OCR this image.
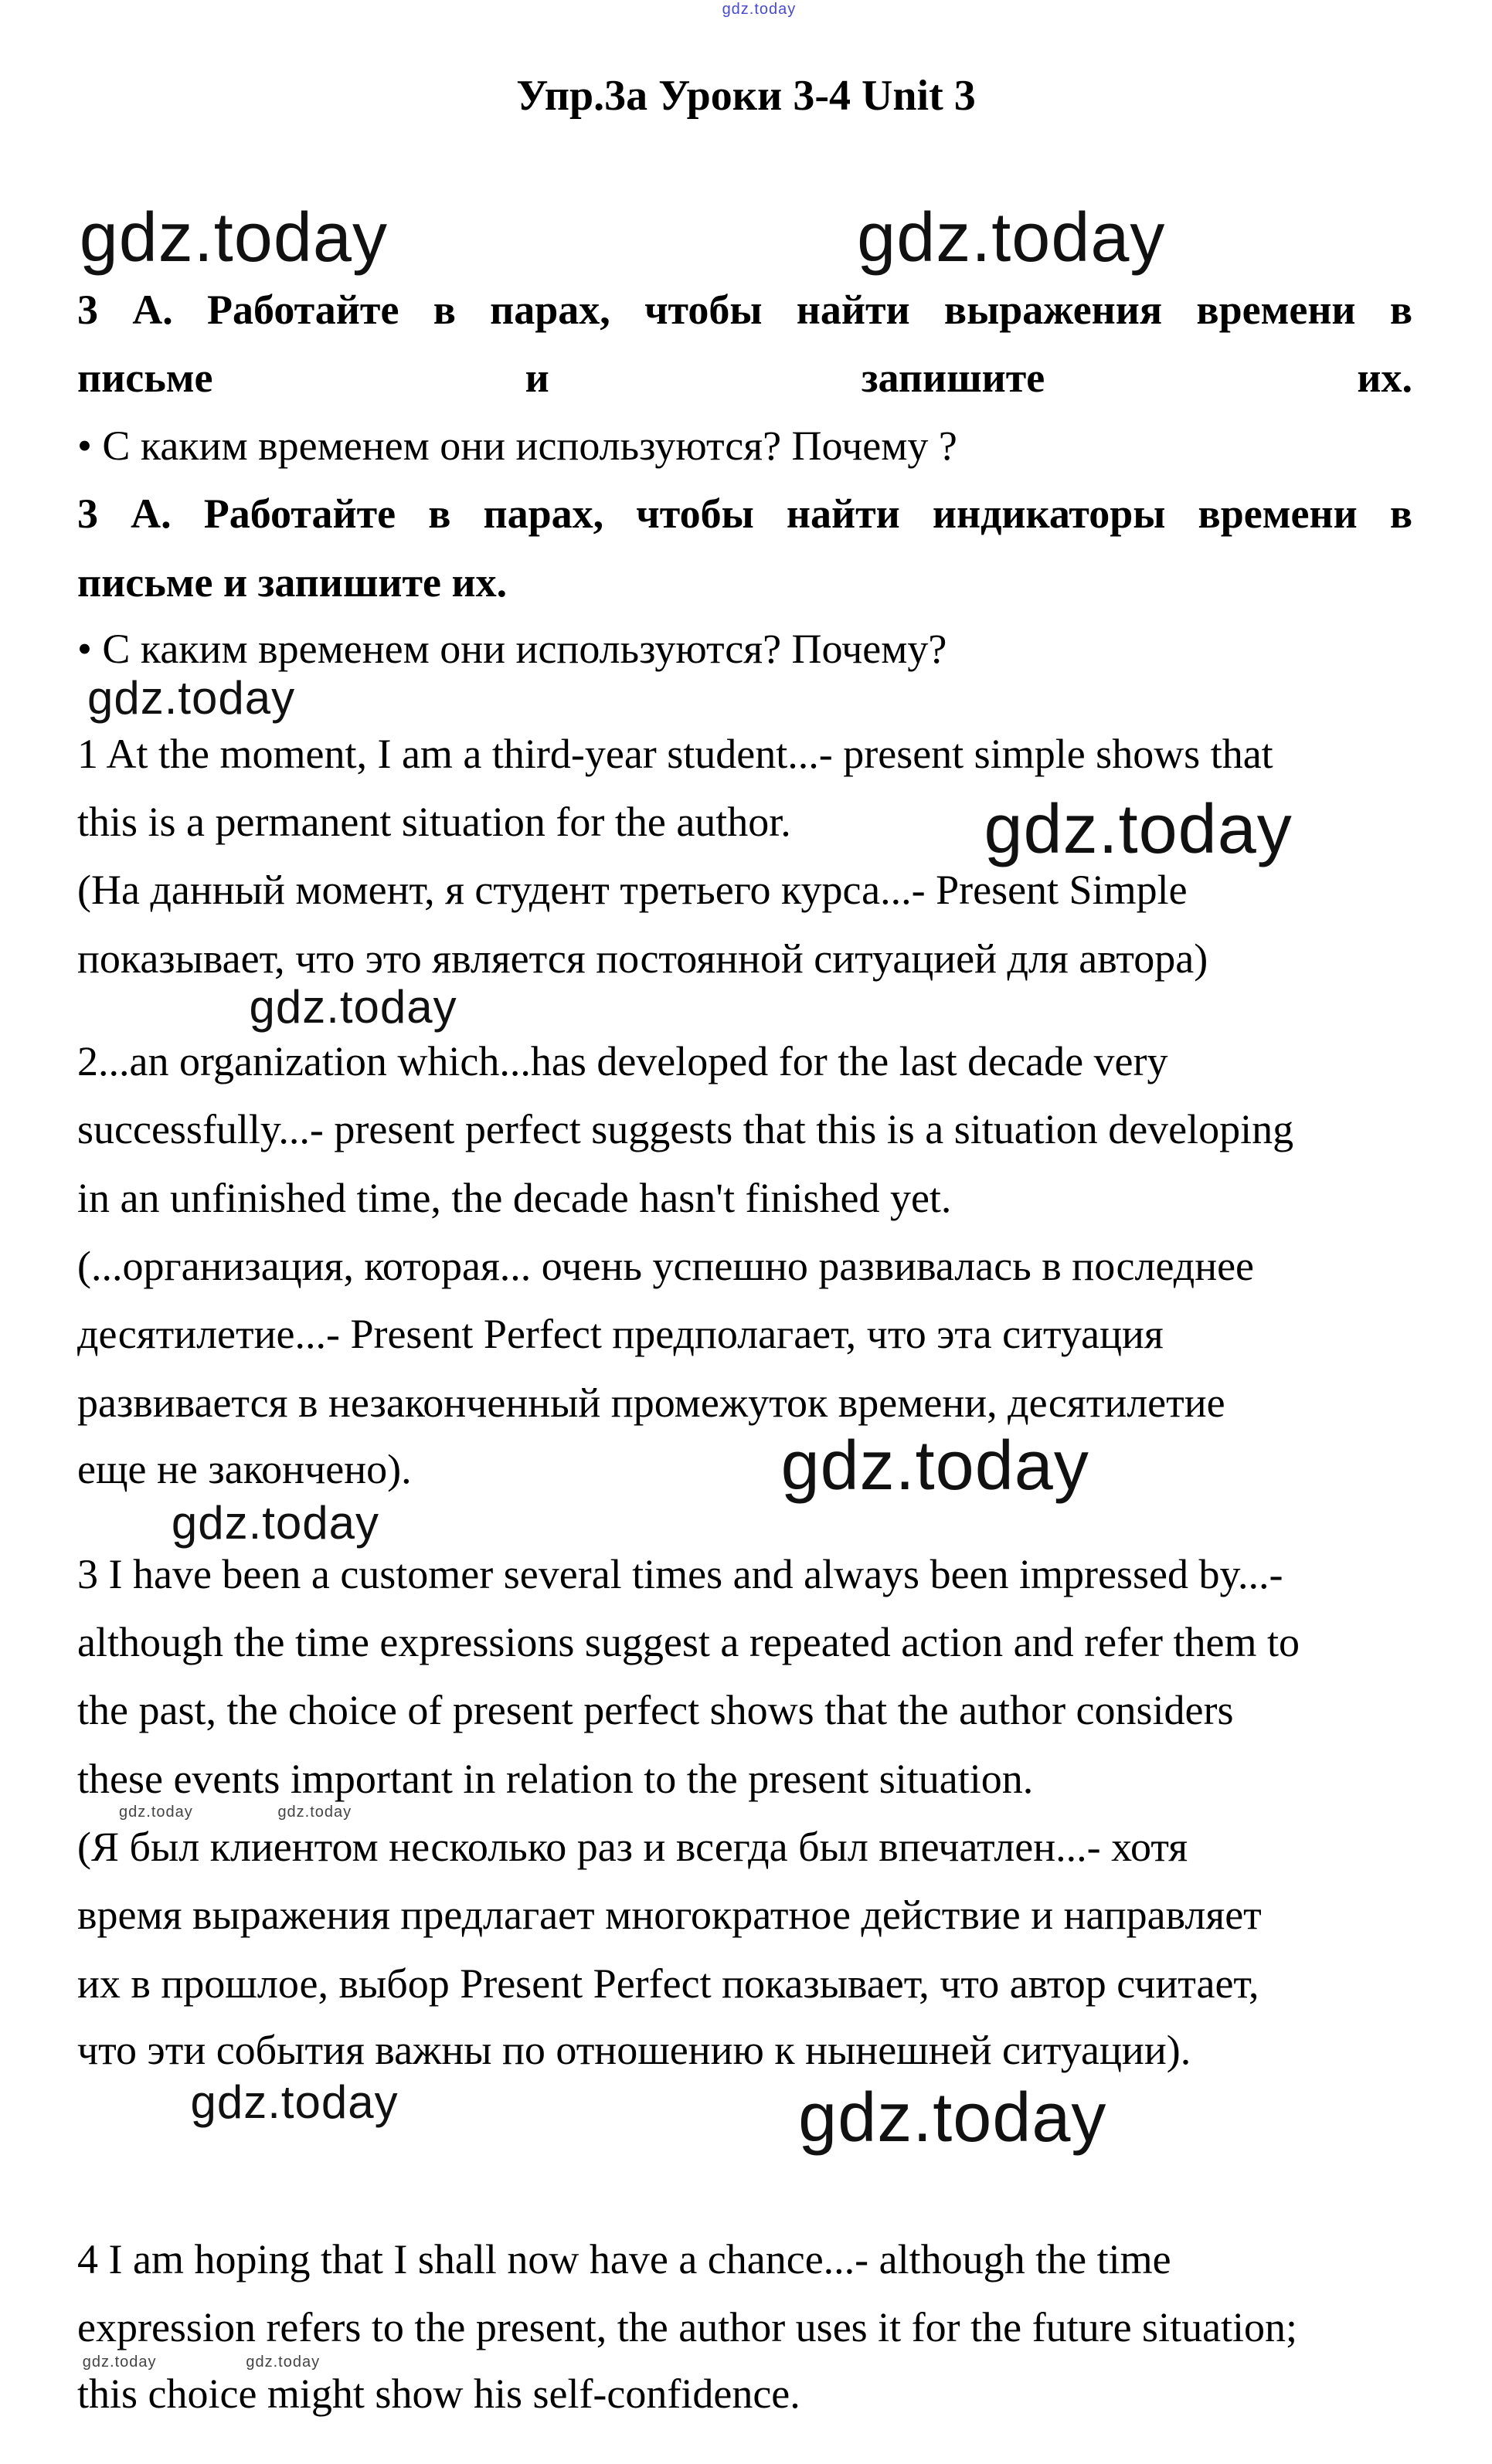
Упр.3а Уроки 3-4 Unit 3
3 А. Работайте в парах, чтобы найти выражения времени в
письме и запишите их.
• С каким временем они используются? Почему ?
3 А. Работайте в парах, чтобы найти индикаторы времени в
письме и запишите их.
• С каким временем они используются? Почему?
1 At the moment, I am a third-year student...- present simple shows that
this is a permanent situation for the author.
(На данный момент, я студент третьего курса...- Present Simple
показывает, что это является постоянной ситуацией для автора)
2...an organization which...has developed for the last decade very
successfully...- present perfect suggests that this is a situation developing
in an unfinished time, the decade hasn't finished yet.
(...организация, которая... очень успешно развивалась в последнее
десятилетие...- Present Perfect предполагает, что эта ситуация
развивается в незаконченный промежуток времени, десятилетие
еще не закончено).
3 I have been a customer several times and always been impressed by...-
although the time expressions suggest a repeated action and refer them to
the past, the choice of present perfect shows that the author considers
these events important in relation to the present situation.
(Я был клиентом несколько раз и всегда был впечатлен...- хотя
время выражения предлагает многократное действие и направляет
их в прошлое, выбор Present Perfect показывает, что автор считает,
что эти события важны по отношению к нынешней ситуации).
4 I am hoping that I shall now have a chance...- although the time
expression refers to the present, the author uses it for the future situation;
this choice might show his self-confidence.
gdz.today
gdz.today	gdz.today
gdz.today
gdz.today
gdz.today
gdz.today
gdz.today
gdz.today	gdz.today
gdz.today	gdz.today
gdz.today	gdz.today
